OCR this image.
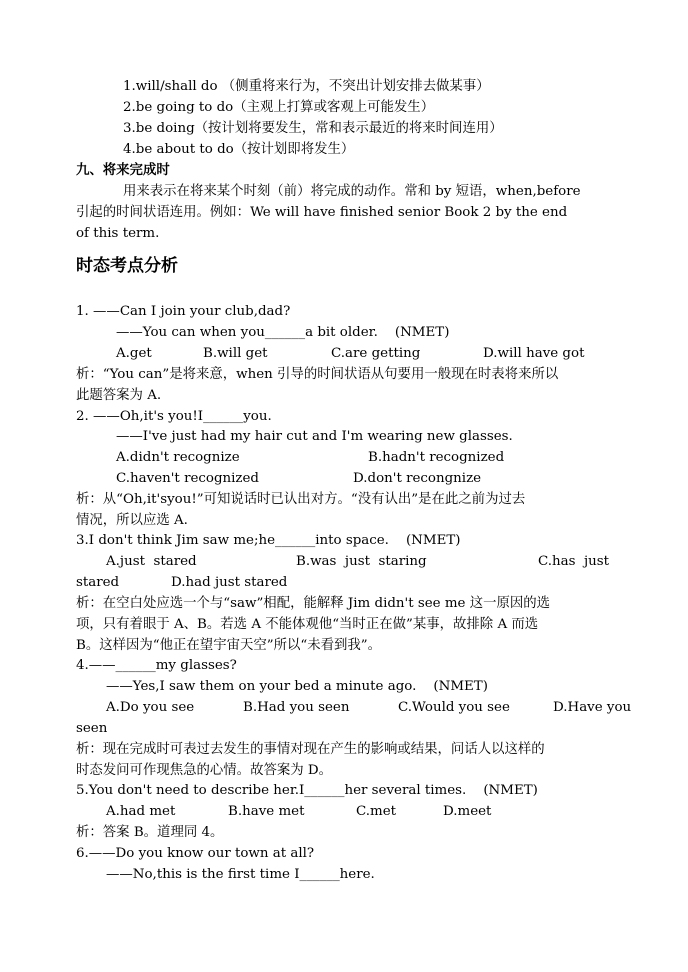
1.will/shall do （侧重将来行为，不突出计划安排去做某事）
2.be going to do（主观上打算或客观上可能发生）
3.be doing（按计划将要发生，常和表示最近的将来时间连用）
4.be about to do（按计划即将发生）
九、将来完成时
用来表示在将来某个时刻（前）将完成的动作。常和 by 短语，when,before
引起的时间状语连用。例如：We will have finished senior Book 2 by the end
of this term.
时态考点分析
1. ——Can I join your club,dad?
——You can when you______a bit older.    (NMET)
A.get	B.will get	C.are getting	D.will have got
析：“You can”是将来意，when 引导的时间状语从句要用一般现在时表将来所以
此题答案为 A.
2. ——Oh,it's you!I______you.
——I've just had my hair cut and I'm wearing new glasses.
A.didn't recognize	B.hadn't recognized
C.haven't recognized	D.don't recongnize
析：从“Oh,it'syou!”可知说话时已认出对方。“没有认出”是在此之前为过去
情况，所以应选 A.
3.I don't think Jim saw me;he______into space.    (NMET)
A.just  stared	B.was  just  staring	C.has  just
stared	D.had just stared
析：在空白处应选一个与“saw”相配，能解释 Jim didn't see me 这一原因的选
项，只有着眼于 A、B。若选 A 不能体观他“当时正在做”某事，故排除 A 而选
B。这样因为“他正在望宇宙天空”所以“未看到我”。
4.——______my glasses?
——Yes,I saw them on your bed a minute ago.    (NMET)
A.Do you see	B.Had you seen	C.Would you see	D.Have you
seen
析：现在完成时可表过去发生的事情对现在产生的影响或结果，问话人以这样的
时态发问可作现焦急的心情。故答案为 D。
5.You don't need to describe her.I______her several times.    (NMET)
A.had met	B.have met	C.met	D.meet
析：答案 B。道理同 4。
6.——Do you know our town at all?
——No,this is the first time I______here.
